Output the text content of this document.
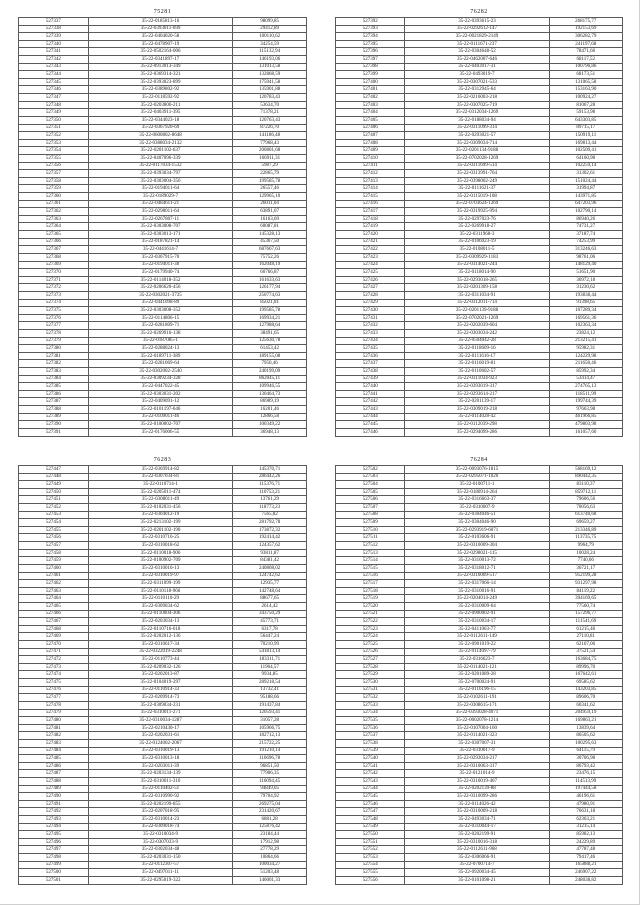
75281
527337	35-22-0185813-16	98099,85
527338	35-22-0393011-699	29412,89
527339	35-22-0404020-58	100110,62
527340	35-22-0478907-19	34254,59
527341	35-22-0502164-006	115132,94
527342	35-22-0341897-17	146193,06
527343	35-22-0913013-349	131013,58
527344	35-22-0369314-321	132868,59
527345	35-22-0393023-899	175941,58
527346	35-22-0389802-92	135901,88
527347	35-22-0118592-92	120783,43
527348	35-22-0203806-211	53634,70
527349	35-22-0403911-395	71378,21
527350	35-22-0344023-18	120763,43
527351	35-22-0367920-69	87226,70
527352	35-22-0600802-8648	141186,48
527353	35-22-0388034-2132	77968,43
527354	35-22-0201102-637	200801,68
527355	35-22-0407096-339	166911,31
527356	35-22-0117034-1532	5987,29
527357	35-22-0393034-797	22865,79
527358	35-22-0303004-356	199585,78
527359	35-22-0194011-64	26557,46
527360	35-22-0189029-7	129965,10
527361	35-22-0484611-21	26011,04
527362	35-22-0298011-64	63891,07
527363	35-22-0267807-11	16163,69
527364	35-22-0303008-707	60087,81
527365	35-22-0303013-171	145328,13
527366	35-22-0187821-14	45367,50
527367	35-22-0441614-7	687667,63
527368	35-22-0367915-70	75752,26
527369	35-22-0194011-38	162048,19
527370	35-22-0179940-74	60766,87
527371	35-22-0114018-352	161633,63
527372	35-22-0206620-456	126177,94
527373	35-22-0302021-3735	250774,63
527374	35-22-0441098-89	85021,81
527375	35-22-0303008-352	199585,78
527376	35-22-0114806-15	169934,21
527377	35-22-0281809-71	127988,64
527378	35-22-0269916-138	38491,65
527379	35-22-0187085-1	125630,78
527380	35-22-0288024-13	61453,42
527381	35-22-0189711-389	189155,08
527382	35-22-0281069-64	7950,46
527383	35-22-0302002-2540	240199,09
527384	35-22-0309234-328	862045,11
527385	35-22-0447022-45	109946,55
527386	35-22-0303031-202	130464,73
527387	35-22-0409091-12	86989,19
527388	35-22-0101197-646	16201,46
527389	35-22-0109011-46	12866,58
527390	35-22-0100002-707	100349,22
527391	35-22-0176006-55	36948,13
76282
527392	35-22-0393615-23	268175,77
527393	35-22-0292612-147	192153,69
527394	35-22-0021829-2149	306282,79
527395	35-22-0111671-237	241197,68
527396	35-22-0304648-52	78471,66
527397	35-22-0462007-646	68117,52
527398	35-22-0403917-31	100796,86
527399	35-22-0493019-7	68173,51
527400	35-22-0307021-533	131065,58
527401	35-22-0312945-64	153163,90
527402	35-22-0216003-218	100924,27
527403	35-22-0307025-719	81067,28
527404	35-22-0312034-1269	59153,98
527405	35-22-0188034-94	643303,85
527406	35-22-0311099-314	89715,17
527407	35-22-0293021-57	150919,11
527408	35-22-0309034-714	169813,44
527409	35-22-0201134-9188	102509,41
527410	35-22-0702028-1269	64160,98
527411	35-22-0311699-514	102259,14
527412	35-22-0313991-764	31302,61
527413	35-22-0398002-249	151024,44
527414	35-22-0111621-37	31994,87
527415	35-22-0115019-108	143971,85
527416	35-22-0703624-1269	647203,96
527417	35-22-0319925-994	102790,14
527418	35-22-0297023-76	86940,26
527419	35-22-0269918-27	74731,27
527420	35-22-0311968-3	37187,74
527421	35-22-0106923-19	74253,99
527422	35-22-0108011-5	313246,63
527423	35-22-0309929-1183	98761,06
527424	35-22-0314021-244	148129,40
527425	35-22-0118014-90	51651,90
527426	35-22-0293018-265	36972,18
527427	35-22-0201309-158	31230,62
527428	35-22-0311034-91	193838,44
527429	35-22-0312011-714	91398,65
527430	35-22-0201139-9188	107289,34
527431	35-22-0702021-1269	169561,36
527432	35-22-0202039-604	102363,34
527433	35-22-0303034-242	23824,12
527434	35-22-0504042-28	213215,41
527435	35-22-0118609-16	95982,31
527436	35-22-0111616-17	124229,98
527437	35-22-0116019-81	211658,46
527438	35-22-0110602-57	85992,34
527439	35-22-0311034-923	53414,47
527440	35-22-0393019-317	274765,13
527441	35-22-0293614-217	118511,99
527442	35-22-0201139-17	199744,39
527443	35-22-0309019-218	97663,98
527444	35-22-0114028-42	461966,85
527445	35-22-0112039-298	479803,98
527446	35-22-0294099-286	161057,60
76283
527447	35-22-0369914-82	145370,71
527448	35-22-0307034-81	286442,26
527449	35-22-0110714-1	115376,71
527450	35-22-0205011-474	110753,21
527451	35-22-0308011-49	13761,29
527452	35-22-0102031-456	118773,23
527453	35-22-0304012-19	7565,82
527454	35-22-0213102-199	281792,78
527455	35-22-0201102-190	173872,32
527456	35-22-0310716-25	192414,42
527457	35-22-0310018-62	124357,62
527458	35-22-0110018-906	93811,87
527459	35-22-0100902-709	84381,42
527460	35-22-0310016-13	240808,02
527461	35-22-0310019-97	124742,62
527462	35-22-0311099-199	12935,77
527463	35-22-0110118-966	142748,64
527464	35-22-0110110-29	88677,65
527465	35-22-0309034-62	2614,42
527466	35-22-0110004-306	343750,29
527467	35-22-0203034-13	45773,71
527468	35-22-0110716-618	6317,78
527469	35-22-0202012-136	56447,24
527470	35-22-0310617-34	70210,99
527471	35-22-0322019-2248	541813,14
527472	35-22-0110773-44	183311,71
527473	35-22-0209032-126	11964,57
527474	35-22-0202013-87	9934,85
527475	35-22-0104019-297	289218,54
527476	35-22-0110914-33	13732,41
527477	35-22-0209914-73	95188,66
527478	35-22-0309034-231	191437,84
527479	35-22-0310011-271	120593,41
527480	35-22-0310034-1287	31057,28
527481	35-22-0210430-17	105966,75
527482	35-22-0202031-61	182712,13
527483	35-22-0124002-2067	215722,25
527484	35-22-0310019-13	191210,14
527485	35-22-0310013-18	116696,78
527486	35-22-0203011-39	96851,50
527487	35-22-0203134-139	77906,35
527488	35-22-0310011-310	116094,45
527489	35-22-0110402-51	94849,05
527490	35-22-0310990-92	79704,92
527491	35-22-0202199-855	269275,04
527492	35-22-0207018-95	231420,67
527493	35-22-0310014-23	6881,28
527494	35-22-0309018-74	125876,42
527495	35-22-0310034-9	23184,44
527496	35-22-0307033-9	17912,98
527497	35-22-0302034-48	27778,29
527498	35-22-0203031-150	10864,66
527499	35-22-0112307-57	100034,27
527500	35-22-0497011-11	51203,48
527501	35-22-0295019-322	146001,33
76284
527502	35-22-0093076-1815	568169,12
527503	35-22-0295071-1026	890442,35
527504	35-22-0100711-1	83110,37
527505	35-22-0180914-264	859712,11
527506	35-22-0316663-37	79606,56
527507	35-22-0310007-9	70056,63
527508	35-22-0304046-51	613740,68
527509	35-22-0304046-90	69659,27
527510	35-22-0293919-6071	213346,89
527511	35-22-0103606-91	113735,75
527512	35-22-0310009-304	9964,79
527513	35-22-0298021-115	10028,24
527514	35-22-0310013-72	7740,66
527515	35-22-0318012-71	36721,17
527516	35-22-0310009-517	952199,28
527517	35-22-0317066-14	931297,98
527518	35-22-0310016-91	84119,22
527519	35-22-0204014-249	394169,65
527520	35-22-0310009-64	77560,74
527521	35-22-0900002-91	157296,77
527522	35-22-0310034-17	111541,69
527523	35-22-0411063-77	61215,46
527524	35-22-0112611-149	27110,81
527525	35-22-0901019-22	62167,06
527526	35-22-9114097-79	37521,54
527527	35-22-0316623-7	163684,75
527528	35-22-0114021-121	89996,70
527529	35-22-0201089-28	167642,61
527530	35-22-0700024-91	69585,62
527531	35-22-0116196-15	143203,85
527532	35-22-0102611-191	89606,70
527533	35-22-0308615-171	60341,62
527534	35-22-0393028-4071	204959,19
527535	35-22-0002078-1214	169863,21
527536	35-22-0107004-160	13839,64
527537	35-22-0114021-323	86505,62
527538	35-22-0307007-31	100295,63
527539	35-22-0310017-9	64115,79
527540	35-22-0293034-217	30706,98
527541	35-22-0310063-317	86793,42
527542	35-22-0121014-9	23476,15
527543	35-22-0310019-407	114513,99
527544	35-22-0202139-88	197444,58
527545	35-22-0310099-286	46196,61
527546	35-22-0114026-42	47980,91
527547	35-22-0310009-218	76631,18
527548	35-22-0493034-71	62363,21
527549	35-22-0310044-17	31215,14
527550	35-22-0202199-91	85982,13
527551	35-22-0310016-318	24229,89
527552	35-22-0112611-968	47787,48
527553	35-22-0306066-91	79417,46
527554	35-22-0700714-7	165888,21
527555	35-22-0920034-45	246907,22
527556	35-22-0101098-21	248038,82
